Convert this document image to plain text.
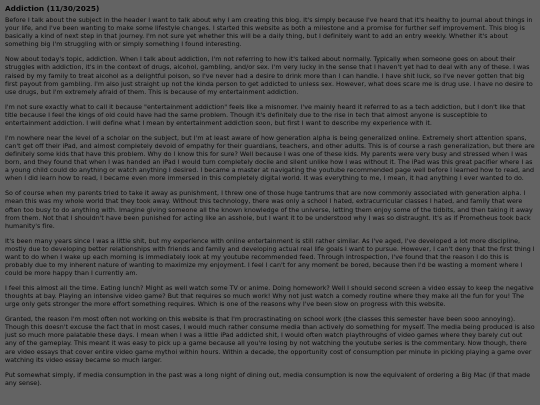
Addiction (11/30/2025)
Before I talk about the subject in the header I want to talk about why I am creating this blog. It's simply because I've heard that it's healthy to journal about things in your life, and I've been wanting to make some lifestyle changes. I started this website as both a milestone and a promise for further self improvement. This blog is basically a kind of next step in that journey. I'm not sure yet whether this will be a daily thing, but I definitely want to add an entry weekly. Whether it's about something big I'm struggling with or simply something I found interesting.
Now about today's topic, addiction. When I talk about addiction, I'm not referring to how it's talked about normally. Typically when someone goes on about their struggles with addiction, it's in the context of drugs, alcohol, gambling, and/or sex. I'm very lucky in the sense that I haven't yet had to deal with any of these. I was raised by my family to treat alcohol as a delightful poison, so I've never had a desire to drink more than I can handle. I have shit luck, so I've never gotten that big first payout from gambling. I'm also just straight up not the kinda person to get addicted to unless sex. However, what does scare me is drug use. I have no desire to use drugs, but I'm extremely afraid of them. This is because of my entertainment addiction.
I'm not sure exactly what to call it because "entertainment addiction" feels like a misnomer. I've mainly heard it referred to as a tech addiction, but I don't like that title because I feel the kings of old could have had the same problem. Though it's definitely due to the rise in tech that almost anyone is susceptible to entertainment addiction. I will define what I mean by entertainment addiction soon, but first I want to describe my experience with it.
I'm nowhere near the level of a scholar on the subject, but I'm at least aware of how generation alpha is being generalized online. Extremely short attention spans, can't get off their iPad, and almost completely devoid of empathy for their guardians, teachers, and other adults. This is of course a rash generalization, but there are definitely some kids that have this problem. Why do I know this for sure? Well because I was one of these kids. My parents were very busy and stressed when I was born, and they found that when I was handed an iPad I would turn completely docile and silent unlike how I was without it. The iPad was this great pacifier where I as a young child could do anything or watch anything I desired. I became a master at navigating the youtube recommended page well before I learned how to read, and when I did learn how to read, I became even more immersed in this completely digital world. It was everything to me, I mean, it had anything I ever wanted to do.
So of course when my parents tried to take it away as punishment, I threw one of those huge tantrums that are now commonly associated with generation alpha. I mean this was my whole world that they took away. Without this technology, there was only a school I hated, extracurricular classes I hated, and family that were often too busy to do anything with. Imagine giving someone all the known knowledge of the universe, letting them enjoy some of the tidbits, and then taking it away from them. Not that I shouldn't have been punished for acting like an asshole, but I want it to be understood why I was so distraught. It's as if Prometheus took back humanity's fire.
It's been many years since I was a little shit, but my experience with online entertainment is still rather similar. As I've aged, I've developed a lot more discipline, mostly due to developing better relationships with friends and family and developing actual real life goals I want to pursue. However, I can't deny that the first thing I want to do when I wake up each morning is immediately look at my youtube recommended feed. Through introspection, I've found that the reason I do this is probably due to my inherent nature of wanting to maximize my enjoyment. I feel I can't for any moment be bored, because then I'd be wasting a moment where I could be more happy than I currently am.
I feel this almost all the time. Eating lunch? Might as well watch some TV or anime. Doing homework? Well I should second screen a video essay to keep the negative thoughts at bay. Playing an intensive video game? But that requires so much work! Why not just watch a comedy routine where they make all the fun for you! The urge only gets stronger the more effort something requires. Which is one of the reasons why I've been slow on progress with this website.
Granted, the reason I'm most often not working on this website is that I'm procrastinating on school work (the classes this semester have been sooo annoying). Though this doesn't excuse the fact that in most cases, I would much rather consume media than actively do something for myself. The media being produced is also just so much more palatable these days. I mean when I was a little iPad addicted shit, I would often watch playthroughs of video games where they barely cut out any of the gameplay. This meant it was easy to pick up a game because all you're losing by not watching the youtube series is the commentary. Now though, there are video essays that cover entire video game mythoi within hours. Within a decade, the opportunity cost of consumption per minute in picking playing a game over watching its video essay became so much larger.
Put somewhat simply, if media consumption in the past was a long night of dining out, media consumption is now the equivalent of ordering a Big Mac (if that made any sense).
